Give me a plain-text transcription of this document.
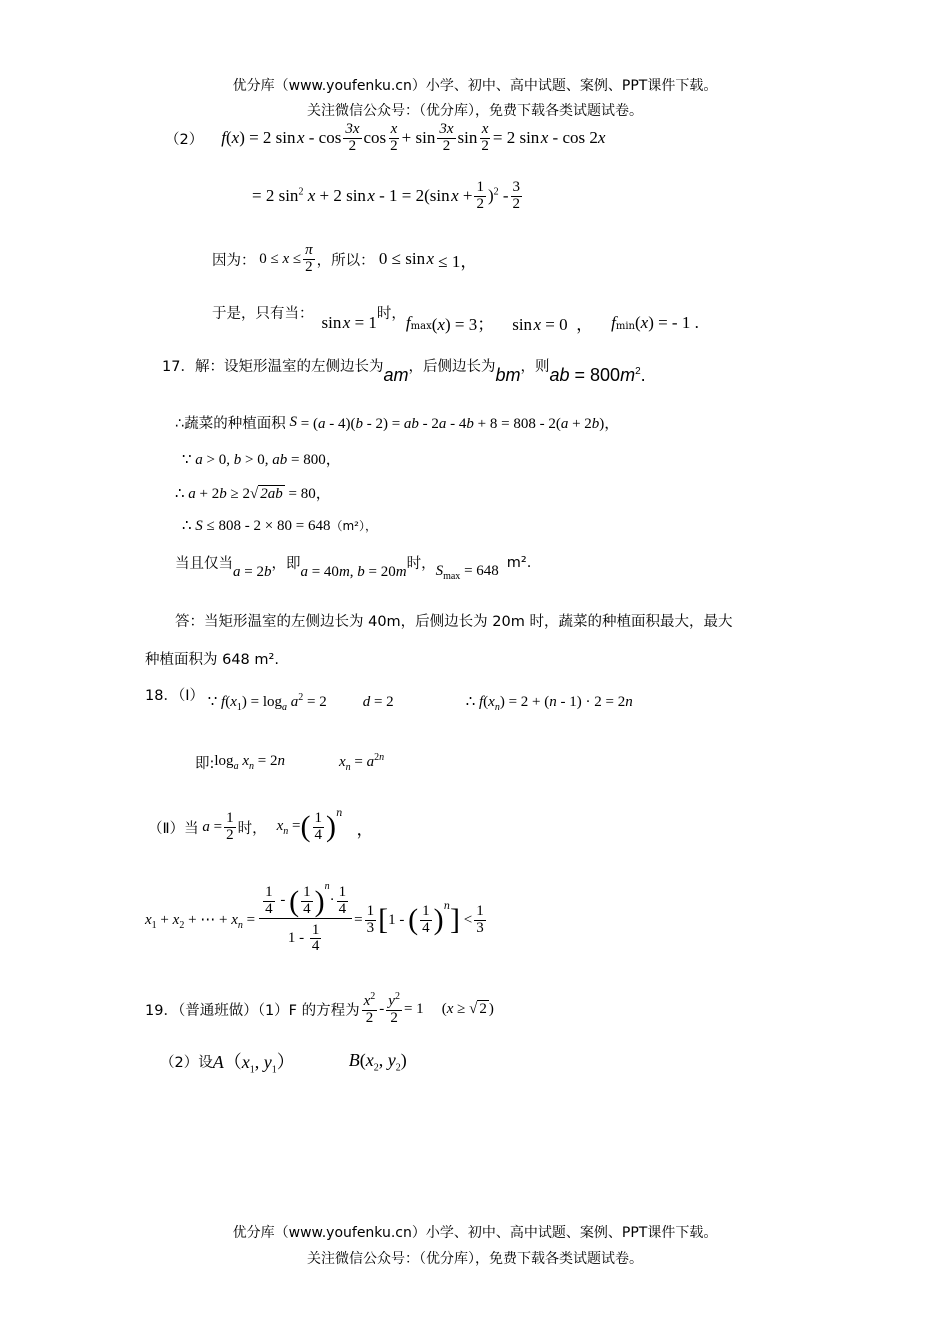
优分库（www.youfenku.cn）小学、初中、高中试题、案例、PPT课件下载。
关注微信公众号：（优分库），免费下载各类试题试卷。
（2） f ( x ) = 2 sin  x - $\cos \frac{3x}{2}$ $\cos \frac{x}{2} + \sin \frac{3x}{2}$ $\sin \frac{x}{2} = 2$ sin  x - cos 2 x
= 2 $\sin^2 x + 2$ sin  x - 1 = 2(sin  $x + \frac{1}{2} )^2 - \frac{3}{2}$
因为： $0 \le x \le \frac{\pi}{2}$ ，所以： 0 ≤ sin  x ≤ 1，
于是，只有当： sin x = 1 时， $f_{max}$ (x) = 3； sin x = 0  ， $f_{min}$ (x) = - 1 .
17．解：设矩形温室的左侧边长为 am ，后侧边长为 bm ，则 ab = $800m^2$.
∴蔬菜的种植面积 S = (a - 4)(b - 2) = ab - 2a - 4b + 8 = 808 - 2(a + 2b)，
∵ a > 0, b > 0, ab = 800，
∴ a + 2b ≥ 2√ 2ab = 80，
∴ S ≤ 808 - 2 × 80 = 648 （m²），
当且仅当 a = 2b ，即 a = 40m, b = 20m 时， $S_{max} = 648$
m².
答：当矩形温室的左侧边长为 40m，后侧边长为 20m 时，蔬菜的种植面积最大，最大
种植面积为 648 m².
18．（Ⅰ） ∵ $f(x_1) = \log_a a^2 = 2$ d = 2	∴ $f(x_n) = 2 + (n - 1) \cdot 2 = 2n$
即: $\log_a x_n = 2n$	$x_n = a^{2n}$
（Ⅱ）当 $a = \frac{1}{2}$ 时， $x_n$ = ( $\frac{1}{4}$ ) $^n$
，
$x_1 + x_2$ + ⋯ + $x_n = \frac{1}{4}$ - ( $\frac{1}{4}$ ) $^n$
· $\frac{1}{4}$
$1 - \frac{1}{4} = \frac{1}{3}$ [ 1 - ( $\frac{1}{4}$ ) $^n$ ] < $\frac{1}{3}$
19．（普通班做）（1）F 的方程为 $\frac{x^2}{2} - \frac{y^2}{2} = 1$ (x ≥ √ 2 )
（2）设 $A(x_1$, $y_1$）	$B(x_2$, $y_2$)
优分库（www.youfenku.cn）小学、初中、高中试题、案例、PPT课件下载。
关注微信公众号：（优分库），免费下载各类试题试卷。
